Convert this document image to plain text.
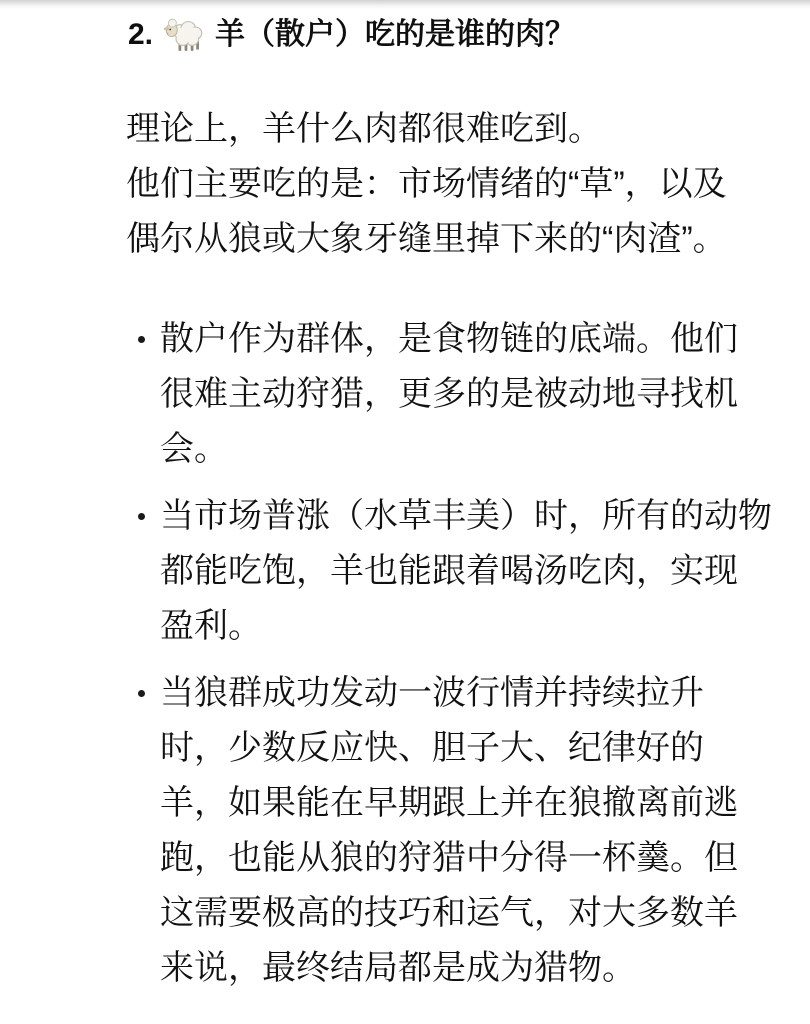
2. 羊（散户）吃的是谁的肉？

理论上，羊什么肉都很难吃到。
他们主要吃的是：市场情绪的“草”，以及
偶尔从狼或大象牙缝里掉下来的“肉渣”。

散户作为群体，是食物链的底端。他们
很难主动狩猎，更多的是被动地寻找机
会。
当市场普涨（水草丰美）时，所有的动物
都能吃饱，羊也能跟着喝汤吃肉，实现
盈利。
当狼群成功发动一波行情并持续拉升
时，少数反应快、胆子大、纪律好的
羊，如果能在早期跟上并在狼撤离前逃
跑，也能从狼的狩猎中分得一杯羹。但
这需要极高的技巧和运气，对大多数羊
来说，最终结局都是成为猎物。
